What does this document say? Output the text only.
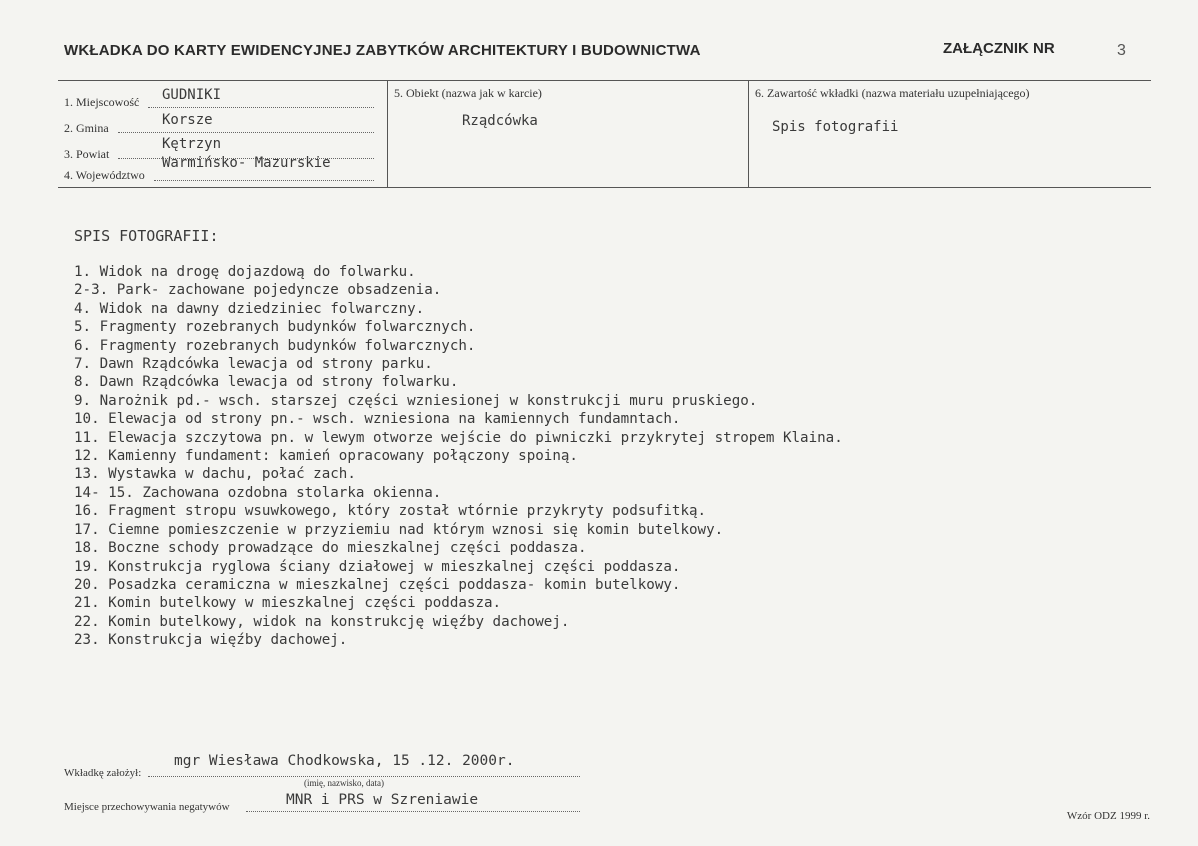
WKŁADKA DO KARTY EWIDENCYJNEJ ZABYTKÓW ARCHITEKTURY I BUDOWNICTWA	ZAŁĄCZNIK NR	3
1. Miejscowość GUDNIKI
2. Gmina	Korsze
3. Powiat
Kętrzyn
4. Województwo
Warmińsko- Mazurskie
5. Obiekt (nazwa jak w karcie)
Rządcówka
6. Zawartość wkładki (nazwa materiału uzupełniającego)
Spis fotografii
SPIS FOTOGRAFII:
1. Widok na drogę dojazdową do folwarku.
2-3. Park- zachowane pojedyncze obsadzenia.
4. Widok na dawny dziedziniec folwarczny.
5. Fragmenty rozebranych budynków folwarcznych.
6. Fragmenty rozebranych budynków folwarcznych.
7. Dawn Rządcówka lewacja od strony parku.
8. Dawn Rządcówka lewacja od strony folwarku.
9. Narożnik pd.- wsch. starszej części wzniesionej w konstrukcji muru pruskiego.
10. Elewacja od strony pn.- wsch. wzniesiona na kamiennych fundamntach.
11. Elewacja szczytowa pn. w lewym otworze wejście do piwniczki przykrytej stropem Klaina.
12. Kamienny fundament: kamień opracowany połączony spoiną.
13. Wystawka w dachu, połać zach.
14- 15. Zachowana ozdobna stolarka okienna.
16. Fragment stropu wsuwkowego, który został wtórnie przykryty podsufitką.
17. Ciemne pomieszczenie w przyziemiu nad którym wznosi się komin butelkowy.
18. Boczne schody prowadzące do mieszkalnej części poddasza.
19. Konstrukcja ryglowa ściany działowej w mieszkalnej części poddasza.
20. Posadzka ceramiczna w mieszkalnej części poddasza- komin butelkowy.
21. Komin butelkowy w mieszkalnej części poddasza.
22. Komin butelkowy, widok na konstrukcję więźby dachowej.
23. Konstrukcja więźby dachowej.
Wkładkę założył:
mgr Wiesława Chodkowska, 15 .12. 2000r.
(imię, nazwisko, data)
Miejsce przechowywania negatywów	MNR i PRS w Szreniawie
Wzór ODZ 1999 r.
